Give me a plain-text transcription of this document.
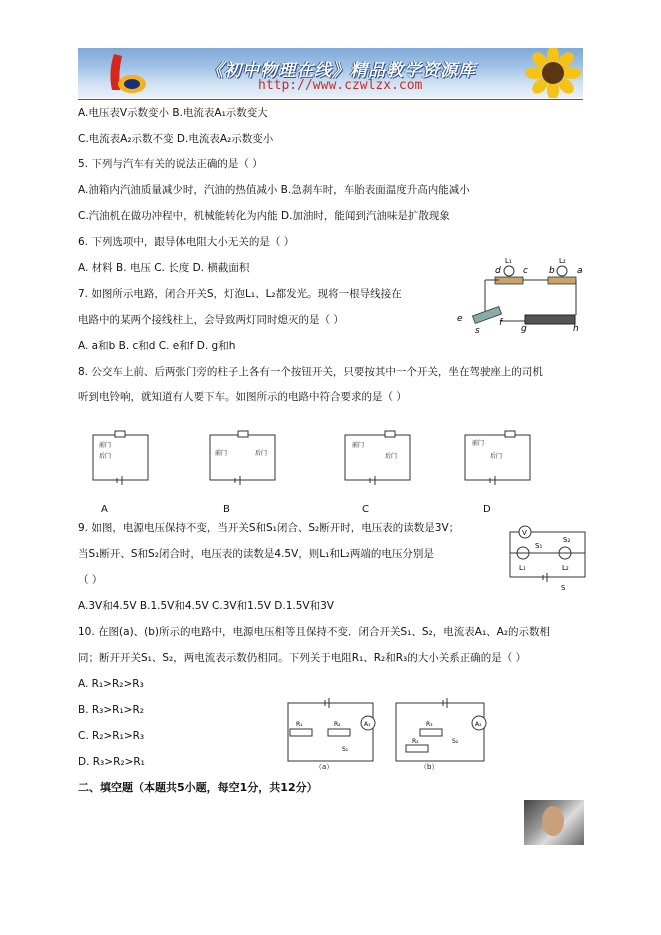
《初中物理在线》精品教学资源库
http://www.czwlzx.com
A.电压表V示数变小 B.电流表A₁示数变大
C.电流表A₂示数不变 D.电流表A₂示数变小
5. 下列与汽车有关的说法正确的是（ ）
A.油箱内汽油质量减少时，汽油的热值减小 B.急刹车时，车胎表面温度升高内能减小
C.汽油机在做功冲程中，机械能转化为内能 D.加油时，能闻到汽油味是扩散现象
6. 下列选项中，跟导体电阻大小无关的是（ ）
A. 材料 B. 电压 C. 长度 D. 横截面积
7. 如图所示电路，闭合开关S，灯泡L₁、L₂都发光。现将一根导线接在
电路中的某两个接线柱上，会导致两灯同时熄灭的是（ ）
A. a和b B. c和d C. e和f D. g和h
8. 公交车上前、后两张门旁的柱子上各有一个按钮开关，只要按其中一个开关，坐在驾驶座上的司机
听到电铃响，就知道有人要下车。如图所示的电路中符合要求的是（ ）
d
L₁
c b
L₂
a
e
s
f
g	h
前门
后门	前门	后门
前门
后门
前门
后门
A	B	C	D
9. 如图，电源电压保持不变，当开关S和S₁闭合、S₂断开时，电压表的读数是3V；
当S₁断开、S和S₂闭合时，电压表的读数是4.5V，则L₁和L₂两端的电压分别是
（ ）
A.3V和4.5V B.1.5V和4.5V C.3V和1.5V D.1.5V和3V
V
S₁
S₂
L₁	L₂
S
10. 在图(a)、(b)所示的电路中，电源电压相等且保持不变．闭合开关S₁、S₂，电流表A₁、A₂的示数相
同；断开开关S₁、S₂，两电流表示数仍相同。下列关于电阻R₁、R₂和R₃的大小关系正确的是（ ）
A. R₁>R₂>R₃
B. R₃>R₁>R₂
C. R₂>R₁>R₃
D. R₃>R₂>R₁
R₁	R₂	A₁
S₁
R₃
R₂
A₂
S₂
（a）	（b）
二、填空题（本题共5小题，每空1分，共12分）
